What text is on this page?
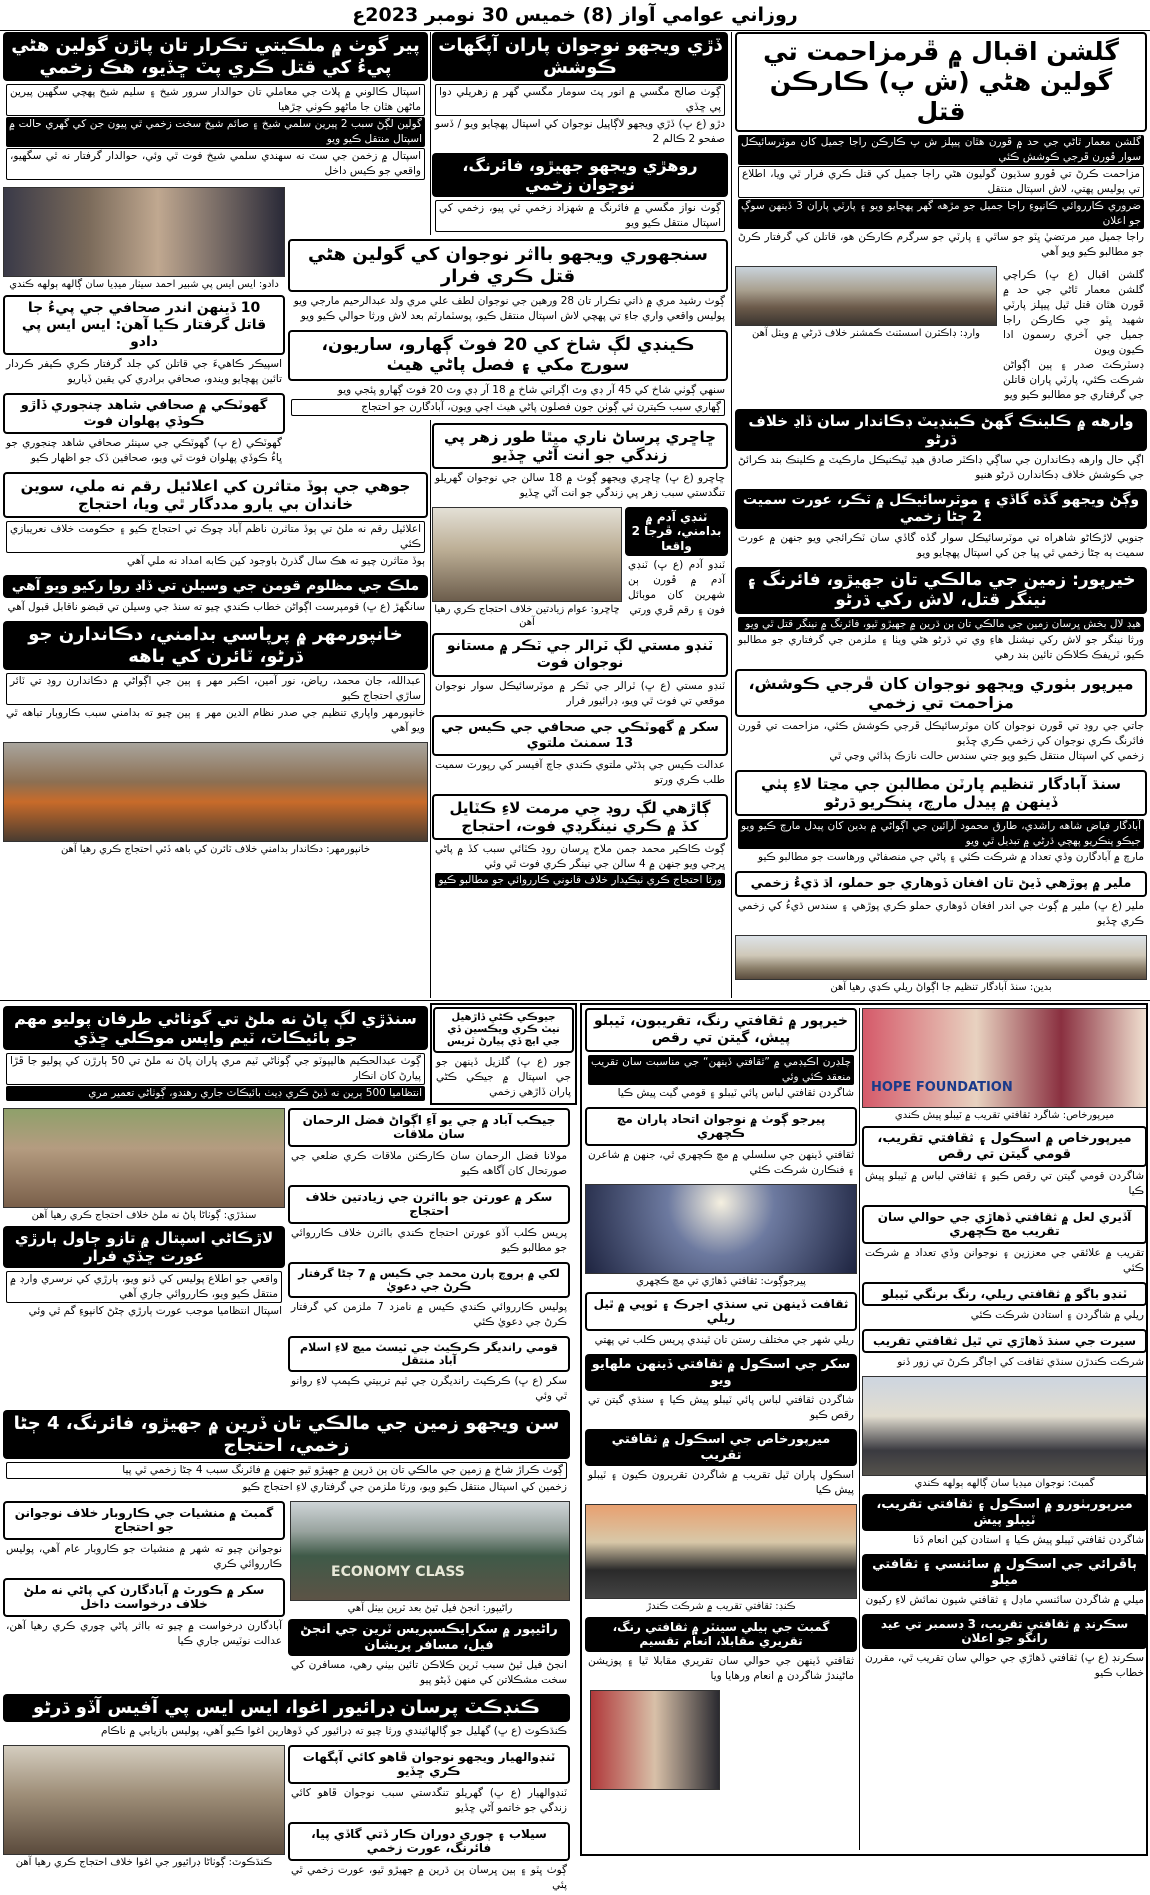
روزاني عوامي آواز (8) خميس 30 نومبر 2023ع
گلشن اقبال ۾ ڦرمزاحمت تي گولين هڻي (ش پ) ڪارڪن قتل

گلشن معمار ٿاڻي جي حد ۾ ڦورن هٿان پيپلز ش پ ڪارڪن راجا جميل کان موٽرسائيڪل سوار ڦورن ڦرجي ڪوشش ڪئي

مزاحمت ڪرڻ تي ڦورو سڌيون گوليون هڻي راجا جميل کي قتل ڪري فرار ٿي ويا، اطلاع تي پوليس پهتي، لاش اسپتال منتقل

ضروري ڪارروائي ڪانپوءِ راجا جميل جو مڙهه گهر پهچايو ويو ۽ پارٽي پاران 3 ڏينهن سوڳ جو اعلان

راجا جميل مير مرتضيٰ ڀٽو جو ساٿي ۽ پارٽي جو سرگرم ڪارڪن هو، قاتلن کي گرفتار ڪرڻ جو مطالبو ڪيو ويو آهي

وارڊ: ڊاڪٽرن اسسٽنٽ ڪمشنر خلاف ڌرڻي ۾ ويٺل آهن

گلشن اقبال (ع ڀ) ڪراچي گلشن معمار ٿاڻي جي حد ۾ ڦورن هٿان قتل ٿيل پيپلز پارٽي شهيد ڀٽو جي ڪارڪن راجا جميل جي آخري رسمون ادا ڪيون ويون

ڊسٽرڪٽ صدر ۽ ٻين اڳواڻن شرڪت ڪئي، پارٽي پاران قاتلن جي گرفتاري جو مطالبو ڪيو ويو

وارهه ۾ ڪلينڪ گهڻ ڪينڊيٽ ڊڪاندار سان ڏاڍ خلاف ڌرڻو

اڳي حال وارهه ڊڪاندارن جي ساڳي ڊاڪٽر صادق هيڊ ٽيڪنيڪل مارڪيٽ ۾ ڪلينڪ بند ڪرائڻ جي ڪوشش خلاف ڊڪاندارن ڌرڻو هنيو

وڳڻ ويجهو گڏه گاڏي ۽ موٽرسائيڪل ۾ ٽڪر، عورت سميت 2 ڄڻا زخمي

جنوبي لاڙڪاڻو شاهراه تي موٽرسائيڪل سوار گڏه گاڏي سان ٽڪرائجي ويو جنهن ۾ عورت سميت ٻه ڄڻا زخمي ٿي پيا جن کي اسپتال پهچايو ويو

خيرپور: زمين جي مالڪي تان جهيڙو، فائرنگ ۽ نينگر قتل، لاش رکي ڌرڻو

هيڊ لال بخش ڀرسان زمين جي مالڪي تان ٻن ڌرين ۾ جهيڙو ٿيو، فائرنگ ۾ نينگر قتل ٿي ويو

ورثا نينگر جو لاش رکي نيشنل هاءِ وي تي ڌرڻو هڻي ويٺا ۽ ملزمن جي گرفتاري جو مطالبو ڪيو، ٽريفڪ ڪلاڪن تائين بند رهي

ميرپور بٺوري ويجهو نوجوان کان ڦرجي ڪوشش، مزاحمت تي زخمي

جاتي جي روڊ تي ڦورن نوجوان کان موٽرسائيڪل ڦرجي ڪوشش ڪئي، مزاحمت تي ڦورن فائرنگ ڪري نوجوان کي زخمي ڪري ڇڏيو

زخمي کي اسپتال منتقل ڪيو ويو جتي سندس حالت نازڪ ٻڌائي وڃي ٿي

سنڌ آبادگار تنظيم پارٽن مطالبن جي مڃتا لاءِ پٺي ڏينهن ۾ پيدل مارچ، پنڪريو ڌرڻو

آبادگار فياض شاهه راشدي، طارق محمود آرائين جي اڳواڻي ۾ بدين کان پيدل مارچ ڪيو ويو جيڪو پنڪريو پهچي ڌرڻي ۾ تبديل ٿي ويو

مارچ ۾ آبادگارن وڏي تعداد ۾ شرڪت ڪئي ۽ پاڻي جي منصفاڻي ورهاست جو مطالبو ڪيو

ملير ۾ پوڙهي ڏيڻ تان افغان ڏوهاري جو حملو، اڌ ڌيءُ زخمي

ملير (ع ڀ) ملير ۾ ڳوٺ جي اندر افغان ڏوهاري حملو ڪري پوڙهي ۽ سندس ڌيءُ کي زخمي ڪري ڇڏيو

بدين: سنڌ آبادگار تنظيم جا اڳواڻ ريلي ڪڍي رهيا آهن
ڏڙي ويجهو نوجوان پاران آپگهات ڪوشش

ڳوٺ صالح مگسي ۾ انور پٽ سومار مگسي گهر ۾ زهريلي دوا پي ڇڏي

دڙو (ع ڀ) ڏڙي ويجهو لاڳاپيل نوجوان کي اسپتال پهچايو ويو / ڏسو صفحو 2 ڪالم 2

روهڙي ويجهو جهيڙو، فائرنگ، نوجوان زخمي

ڳوٺ نواز مگسي ۾ فائرنگ ۾ شهزاد زخمي ٿي پيو، زخمي کي اسپتال منتقل ڪيو ويو

پير گوٺ ۾ ملڪيتي تڪرار تان پاڙن گولين هڻي پيءُ کي قتل ڪري پٽ ڇڏيو، هڪ زخمي

اسپتال ڪالوني ۾ پلاٽ جي معاملي تان حوالدار سرور شيخ ۽ سليم شيخ پهچي سگهين پيرين ماڻهن هٿان جا ماڻهو ڪوٺي چڙهيا

گولين لڳڻ سبب 2 پيرين سلمي شيخ ۽ صائم شيخ سخت زخمي ٿي پيون جن کي گهري حالت ۾ اسپتال منتقل ڪيو ويو

اسپتال ۾ زخمن جي سٽ نه سهندي سلمي شيخ فوت ٿي وئي، حوالدار گرفتار نه ٿي سگهيو، واقعي جو ڪيس داخل

سنجهوري ويجهو بااثر نوجوان کي گولين هڻي قتل ڪري فرار

ڳوٺ رشيد مري ۾ ذاتي تڪرار تان 28 ورهين جي نوجوان لطف علي مري ولد عبدالرحيم مارجي ويو

پوليس واقعي واري جاءِ تي پهچي لاش اسپتال منتقل ڪيو، پوسٽمارٽم بعد لاش ورثا حوالي ڪيو ويو

دادو: ايس ايس پي شبير احمد سيٺار ميڊيا سان ڳالهه ٻولهه ڪندي
ڪينڊي لڳ شاخ کي 20 فوٽ ڳهارو، ساريون، سورج مکي ۽ فصل پاڻي هيٺ

سنهي ڳوٺي شاخ کي 45 آر ڊي وٽ اڳراتي شاخ ۾ 18 آر ڊي وٽ 20 فوٽ ڳهارو پئجي ويو

ڳهاري سبب ڪيترن ئي ڳوٺن جون فصلون پاڻي هيٺ اچي ويون، آبادگارن جو احتجاج

10 ڏينهن اندر صحافي جي پيءُ جا قاتل گرفتار ڪيا آهن: ايس ايس پي دادو

اسپيڪر ڪاهيءَ جي قاتلن کي جلد گرفتار ڪري ڪيفر ڪردار تائين پهچايو ويندو، صحافي برادري کي يقين ڏياريو

گهوٽڪي ۾ صحافي شاهد چنجوري ڏاڙو ڪوڏي پهلوان فوت

گهوٽڪي (ع ڀ) گهوٽڪي جي سينئر صحافي شاهد چنجوري جو ڀاءُ ڪوڏي پهلوان فوت ٿي ويو، صحافين ڏک جو اظهار ڪيو

ڇاڇري پرساڻ ناري ميٿا طور زهر پي زندگي جو انت آڻي ڇڏيو

ڇاڇرو (ع ڀ) ڇاڇري ويجهو ڳوٺ ۾ 18 سالن جي نوجوان گهريلو تنگدستي سبب زهر پي زندگي جو انت آڻي ڇڏيو

ڇاڇرو: عوام زيادتين خلاف احتجاج ڪري رهيا آهن
ٽنڊي آدم ۾ بدامني، ڦرجا 2 واقعا

ٽنڊو آدم (ع ڀ) ٽنڊي آدم ۾ ڦورن ٻن شهرين کان موبائل فون ۽ رقم ڦري ورتي

ٽنڊو مستي لڳ ٽرالر جي ٽڪر ۾ مستانو نوجوان فوت

ٽنڊو مستي (ع ڀ) ٽرالر جي ٽڪر ۾ موٽرسائيڪل سوار نوجوان موقعي تي فوت ٿي ويو، ڊرائيور فرار

سکر ۾ گهوٽڪي جي صحافي جي ڪيس جي 13 سمنٽ ملتوي

عدالت ڪيس جي ٻڌڻي ملتوي ڪندي جاچ آفيسر کي رپورٽ سميت طلب ڪري ورتو

ڳاڙهي لڳ روڊ جي مرمت لاءِ ڪٽايل کڏ ۾ ڪري نينگرڊي فوت، احتجاج

ڳوٺ ڪاڪير محمد جمن ملاح ڀرسان روڊ ڪٽائي سبب کڏ ۾ پاڻي ڀرجي ويو جنهن ۾ 4 سالن جي نينگر ڪري فوت ٿي وئي

ورثا احتجاج ڪري ٺيڪيدار خلاف قانوني ڪارروائي جو مطالبو ڪيو

جوهي جي ٻوڏ متاثرن کي اعلائيل رقم نه ملي، سوين خاندان بي يارو مددگار ٿي ويا، احتجاج

اعلائيل رقم نه ملڻ تي ٻوڏ متاثرن ناظم آباد چوڪ تي احتجاج ڪيو ۽ حڪومت خلاف نعريبازي ڪئي

ٻوڏ متاثرن چيو ته هڪ سال گذرڻ باوجود کين ڪابه امداد نه ملي آهي

ملڪ جي مظلوم قومن جي وسيلن تي ڏاڍ روا رکيو ويو آهي

سانگهڙ (ع ڀ) قومپرست اڳواڻن خطاب ڪندي چيو ته سنڌ جي وسيلن تي قبضو ناقابل قبول آهي

خانپورمهر ۾ پرپاسي بدامني، دڪاندارن جو ڌرڻو، ٽائرن کي باهه

عبدالله، جان محمد، رياض، نور آمين، اڪبر مهر ۽ ٻين جي اڳواڻي ۾ دڪاندارن روڊ تي ٽائر ساڙي احتجاج ڪيو

خانپورمهر واپاري تنظيم جي صدر نظام الدين مهر ۽ ٻين چيو ته بدامني سبب ڪاروبار تباهه ٿي ويو آهي

خانپورمهر: دڪاندار بدامني خلاف ٽائرن کي باهه ڏئي احتجاج ڪري رهيا آهن
سنڌڙي لڳ پاڻ نه ملڻ تي گوٺاڻي طرفان پوليو مهم جو بائيڪاٽ، ٽيم واپس موڪلي ڇڏي

ڳوٺ عبدالحڪيم هاليپوٽو جي ڳوٺاڻي ٽيم مري پاران پاڻ نه ملڻ تي 50 ٻارڙن کي پوليو جا ڦڙا پيارڻ کان انڪار

انتظاميا 500 ٻرين نه ڏيڻ ڪري ڊيٺ بائيڪاٽ جاري رهندو، ڳوٺاڻي تعمير مري

جيوڪي ڪڻي ڏاڙهيل نيٽ ڪري ويڪسين ڏي جي ايچ ڏي پيارڻ ٽريس

جور (ع ڀ) گلزيل ڏينهن جو جي اسپتال ۾ جيڪي ڪڻي پاران ڏاڙهي زخمي

سنڌڙي: ڳوٺاڻا پاڻ نه ملڻ خلاف احتجاج ڪري رهيا آهن
جيڪب آباد ۾ جي يو آءِ اڳواڻ فضل الرحمان سان ملاقات

مولانا فضل الرحمان سان ڪارڪنن ملاقات ڪري ضلعي جي صورتحال کان آگاهه ڪيو

سکر ۾ عورتن جو بااثرن جي زيادتين خلاف احتجاج

پريس ڪلب آڏو عورتن احتجاج ڪندي بااثرن خلاف ڪارروائي جو مطالبو ڪيو

لکي ۾ ٻروچ پارن محمد جي ڪيس ۾ 7 ڄڻا گرفتار ڪرڻ جي دعويٰ

پوليس ڪارروائي ڪندي ڪيس ۾ نامزد 7 ملزمن کي گرفتار ڪرڻ جي دعويٰ ڪئي

قومي رانديگر ڪرڪيٽ جي ٽيسٽ ميچ لاءِ اسلام آباد منتقل

سکر (ع ڀ) ڪرڪيٽ رانديگرن جي ٽيم تربيتي ڪيمپ لاءِ روانو ٿي وئي

لاڙڪاڻي اسپتال ۾ تازو ڄاول ٻارڙي عورت ڇڏي فرار

واقعي جو اطلاع پوليس کي ڏنو ويو، ٻارڙي کي نرسري وارڊ ۾ منتقل ڪيو ويو، ڪارروائي جاري آهي

اسپتال انتظاميا موجب عورت ٻارڙي ڄڻڻ کانپوءِ گم ٿي وئي

سن ويجهو زمين جي مالڪي تان ڏرين ۾ جهيڙو، فائرنگ، 4 ڄڻا زخمي، احتجاج

ڳوٺ ڪراڙ شاخ ۾ زمين جي مالڪي تان ٻن ڌرين ۾ جهيڙو ٿيو جنهن ۾ فائرنگ سبب 4 ڄڻا زخمي ٿي پيا

زخمين کي اسپتال منتقل ڪيو ويو، ورثا ملزمن جي گرفتاري لاءِ احتجاج ڪيو

گمبٽ ۾ منشيات جي ڪاروبار خلاف نوجوانن جو احتجاج

نوجوانن چيو ته شهر ۾ منشيات جو ڪاروبار عام آهي، پوليس ڪارروائي ڪري

سکر ۾ ڪورٽ ۾ آبادگارن کي پاڻي نه ملڻ خلاف درخواست داخل

آبادگارن درخواست ۾ چيو ته بااثر پاڻي چوري ڪري رهيا آهن، عدالت نوٽيس جاري ڪيا

ECONOMY CLASS
راڻيپور: انجڻ فيل ٿيڻ بعد ٽرين بيٺل آهي
راڻيپور ۾ سکرايڪسپريس ٽرين جي انجڻ فيل، مسافر پريشان

انجڻ فيل ٿيڻ سبب ٽرين ڪلاڪن تائين بيٺي رهي، مسافرن کي سخت مشڪلاتن کي منهن ڏيڻو پيو

ڪنڊڪٽ پرسان ڊرائيور اغوا، ايس ايس پي آفيس آڏو ڌرڻو

ڪنڌڪوٽ (ع ڀ) گهليل جو ڳالهائيندي ورثا چيو ته ڊرائيور کي ڏوهارين اغوا ڪيو آهي، پوليس بازيابي ۾ ناڪام

ٽنڊوالهيار ويجهو نوجوان ڦاهو کائي آپگهات ڪري ڇڏيو

ٽنڊوالهيار (ع ڀ) گهريلو تنگدستي سبب نوجوان ڦاهو کائي زندگي جو خاتمو آڻي ڇڏيو

سيلاب ۽ ڄوري دوران ڪار ڏتي گاڏي پيا، فائرنگ، عورت زخمي

ڳوٺ ڀٽو ۽ ٻين ڀرسان ٻن ڌرين ۾ جهيڙو ٿيو، عورت زخمي ٿي پئي

ڪنڌڪوٽ: ڳوٺاڻا ڊرائيور جي اغوا خلاف احتجاج ڪري رهيا آهن
خيرپور ۾ ثقافتي رنگ، تقريبون، ٽيبلو پيش، گيتن تي رقص

چلڊرن اڪيڊمي ۾ ”ثقافتي ڏينهن“ جي مناسبت سان تقريب منعقد ڪئي وئي

شاگردن ثقافتي لباس پائي ٽيبلو ۽ قومي گيت پيش ڪيا

پيرجو ڳوٺ ۾ نوجوان اتحاد پاران مچ ڪچهري

ثقافتي ڏينهن جي سلسلي ۾ مچ ڪچهري ٿي، جنهن ۾ شاعرن ۽ فنڪارن شرڪت ڪئي

پيرجوڳوٺ: ثقافتي ڏهاڙي تي مچ ڪچهري
ثقافت ڏينهن تي سنڌي اجرڪ ۽ ٽوپي ۾ ٿيل ريلي

ريلي شهر جي مختلف رستن تان ٿيندي پريس ڪلب تي پهتي

سکر جي اسڪول ۾ ثقافتي ڏينهن ملهايو ويو

شاگردن ثقافتي لباس پائي ٽيبلو پيش ڪيا ۽ سنڌي گيتن تي رقص ڪيو

ميرپورخاص جي اسڪول ۾ ثقافتي تقريب

اسڪول پاران ٿيل تقريب ۾ شاگردن تقريرون ڪيون ۽ ٽيبلو پيش ڪيا

ڪنڊ: ثقافتي تقريب ۾ شرڪت ڪندڙ
گمبٽ جي ٻيلي سينٽر ۾ ثقافتي رنگ، تقريري مقابلا، انعام تقسيم

ثقافتي ڏينهن جي حوالي سان تقريري مقابلا ٿيا ۽ پوزيشن ماڻيندڙ شاگردن ۾ انعام ورهايا ويا

HOPE FOUNDATION
ميرپورخاص: شاگرد ثقافتي تقريب ۾ ٽيبلو پيش ڪندي
ميرپورخاص ۾ اسڪول ۽ ثقافتي تقريب، قومي گيتن تي رقص

شاگردن قومي گيتن تي رقص ڪيو ۽ ثقافتي لباس ۾ ٽيبلو پيش ڪيا

آڏيري لعل ۾ ثقافتي ڏهاڙي جي حوالي سان تقريب مچ ڪچهري

تقريب ۾ علائقي جي معززين ۽ نوجوانن وڏي تعداد ۾ شرڪت ڪئي

ٽنڊو باگو ۾ ثقافتي ريلي، رنگ برنگي ٽيبلو

ريلي ۾ شاگردن ۽ استادن شرڪت ڪئي

سيرت جي سنڌ ڏهاڙي تي ٿيل ثقافتي تقريب

شرڪت ڪندڙن سنڌي ثقافت کي اجاگر ڪرڻ تي زور ڏنو

گمبٽ: نوجوان ميڊيا سان ڳالهه ٻولهه ڪندي
ميرپوربٺورو ۾ اسڪول ۽ ثقافتي تقريب، ٽيبلو پيش

شاگردن ثقافتي ٽيبلو پيش ڪيا ۽ استادن کين انعام ڏنا

ٻاڦرائي جي اسڪول ۾ سائنسي ۽ ثقافتي ميلو

ميلي ۾ شاگردن سائنسي ماڊل ۽ ثقافتي شيون نمائش لاءِ رکيون

سڪرنڊ ۾ ثقافتي تقريب، 3 ڊسمبر تي عيد رانگو جو اعلان

سڪرنڊ (ع ڀ) ثقافتي ڏهاڙي جي حوالي سان تقريب ٿي، مقررن خطاب ڪيو
